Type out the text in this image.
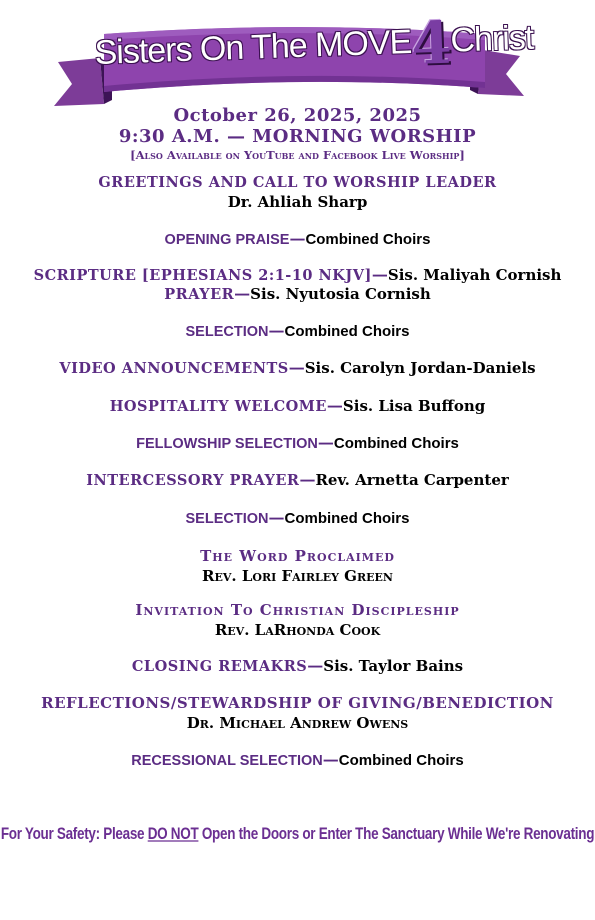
Sisters On The MOVE4Christ
October 26, 2025, 2025
9:30 A.M. — MORNING WORSHIP
[Also Available on YouTube and Facebook Live Worship]
GREETINGS AND CALL TO WORSHIP LEADER
Dr. Ahliah Sharp
OPENING PRAISE—Combined Choirs
SCRIPTURE [EPHESIANS 2:1-10 NKJV]—Sis. Maliyah Cornish
PRAYER—Sis. Nyutosia Cornish
SELECTION—Combined Choirs
VIDEO ANNOUNCEMENTS—Sis. Carolyn Jordan-Daniels
HOSPITALITY WELCOME—Sis. Lisa Buffong
FELLOWSHIP SELECTION—Combined Choirs
INTERCESSORY PRAYER—Rev. Arnetta Carpenter
SELECTION—Combined Choirs
The Word Proclaimed
Rev. Lori Fairley Green
Invitation To Christian Discipleship
Rev. LaRhonda Cook
CLOSING REMAKRS—Sis. Taylor Bains
REFLECTIONS/STEWARDSHIP OF GIVING/BENEDICTION
Dr. Michael Andrew Owens
RECESSIONAL SELECTION—Combined Choirs
For Your Safety: Please DO NOT Open the Doors or Enter The Sanctuary While We're Renovating
